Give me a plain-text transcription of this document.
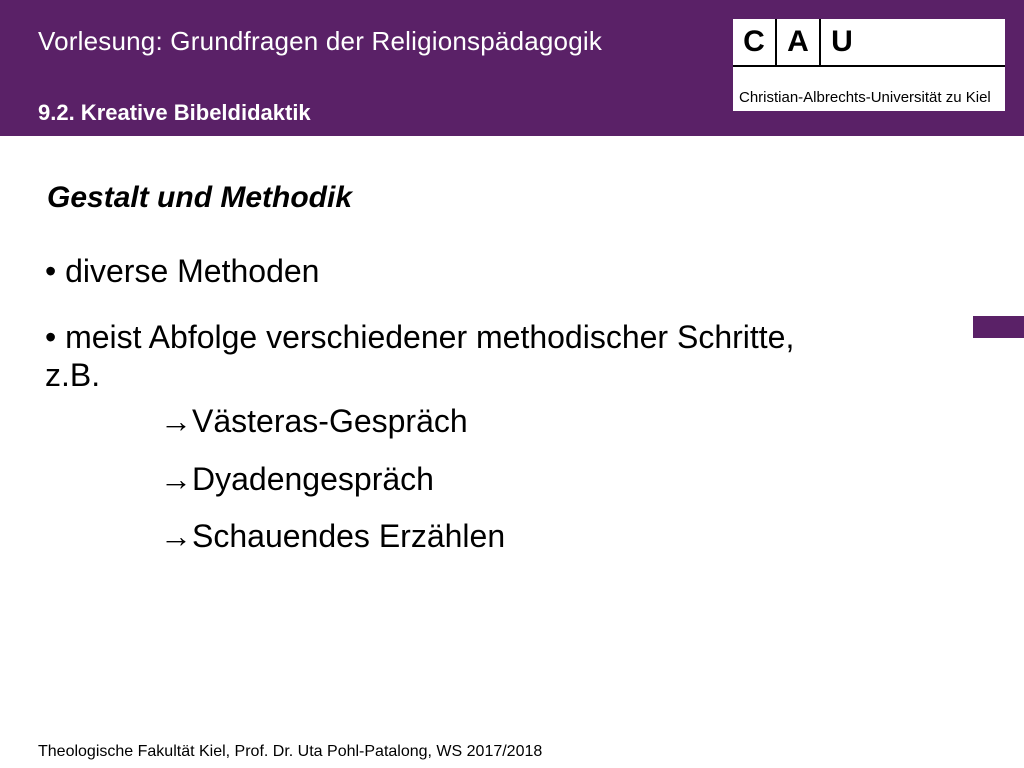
Vorlesung: Grundfragen der Religionspädagogik
9.2. Kreative Bibeldidaktik
C A U
Christian-Albrechts-Universität zu Kiel
Gestalt und Methodik
• diverse Methoden
• meist Abfolge verschiedener methodischer Schritte,
z.B.
→Västeras-Gespräch
→Dyadengespräch
→Schauendes Erzählen
Theologische Fakultät Kiel, Prof. Dr. Uta Pohl-Patalong, WS 2017/2018
